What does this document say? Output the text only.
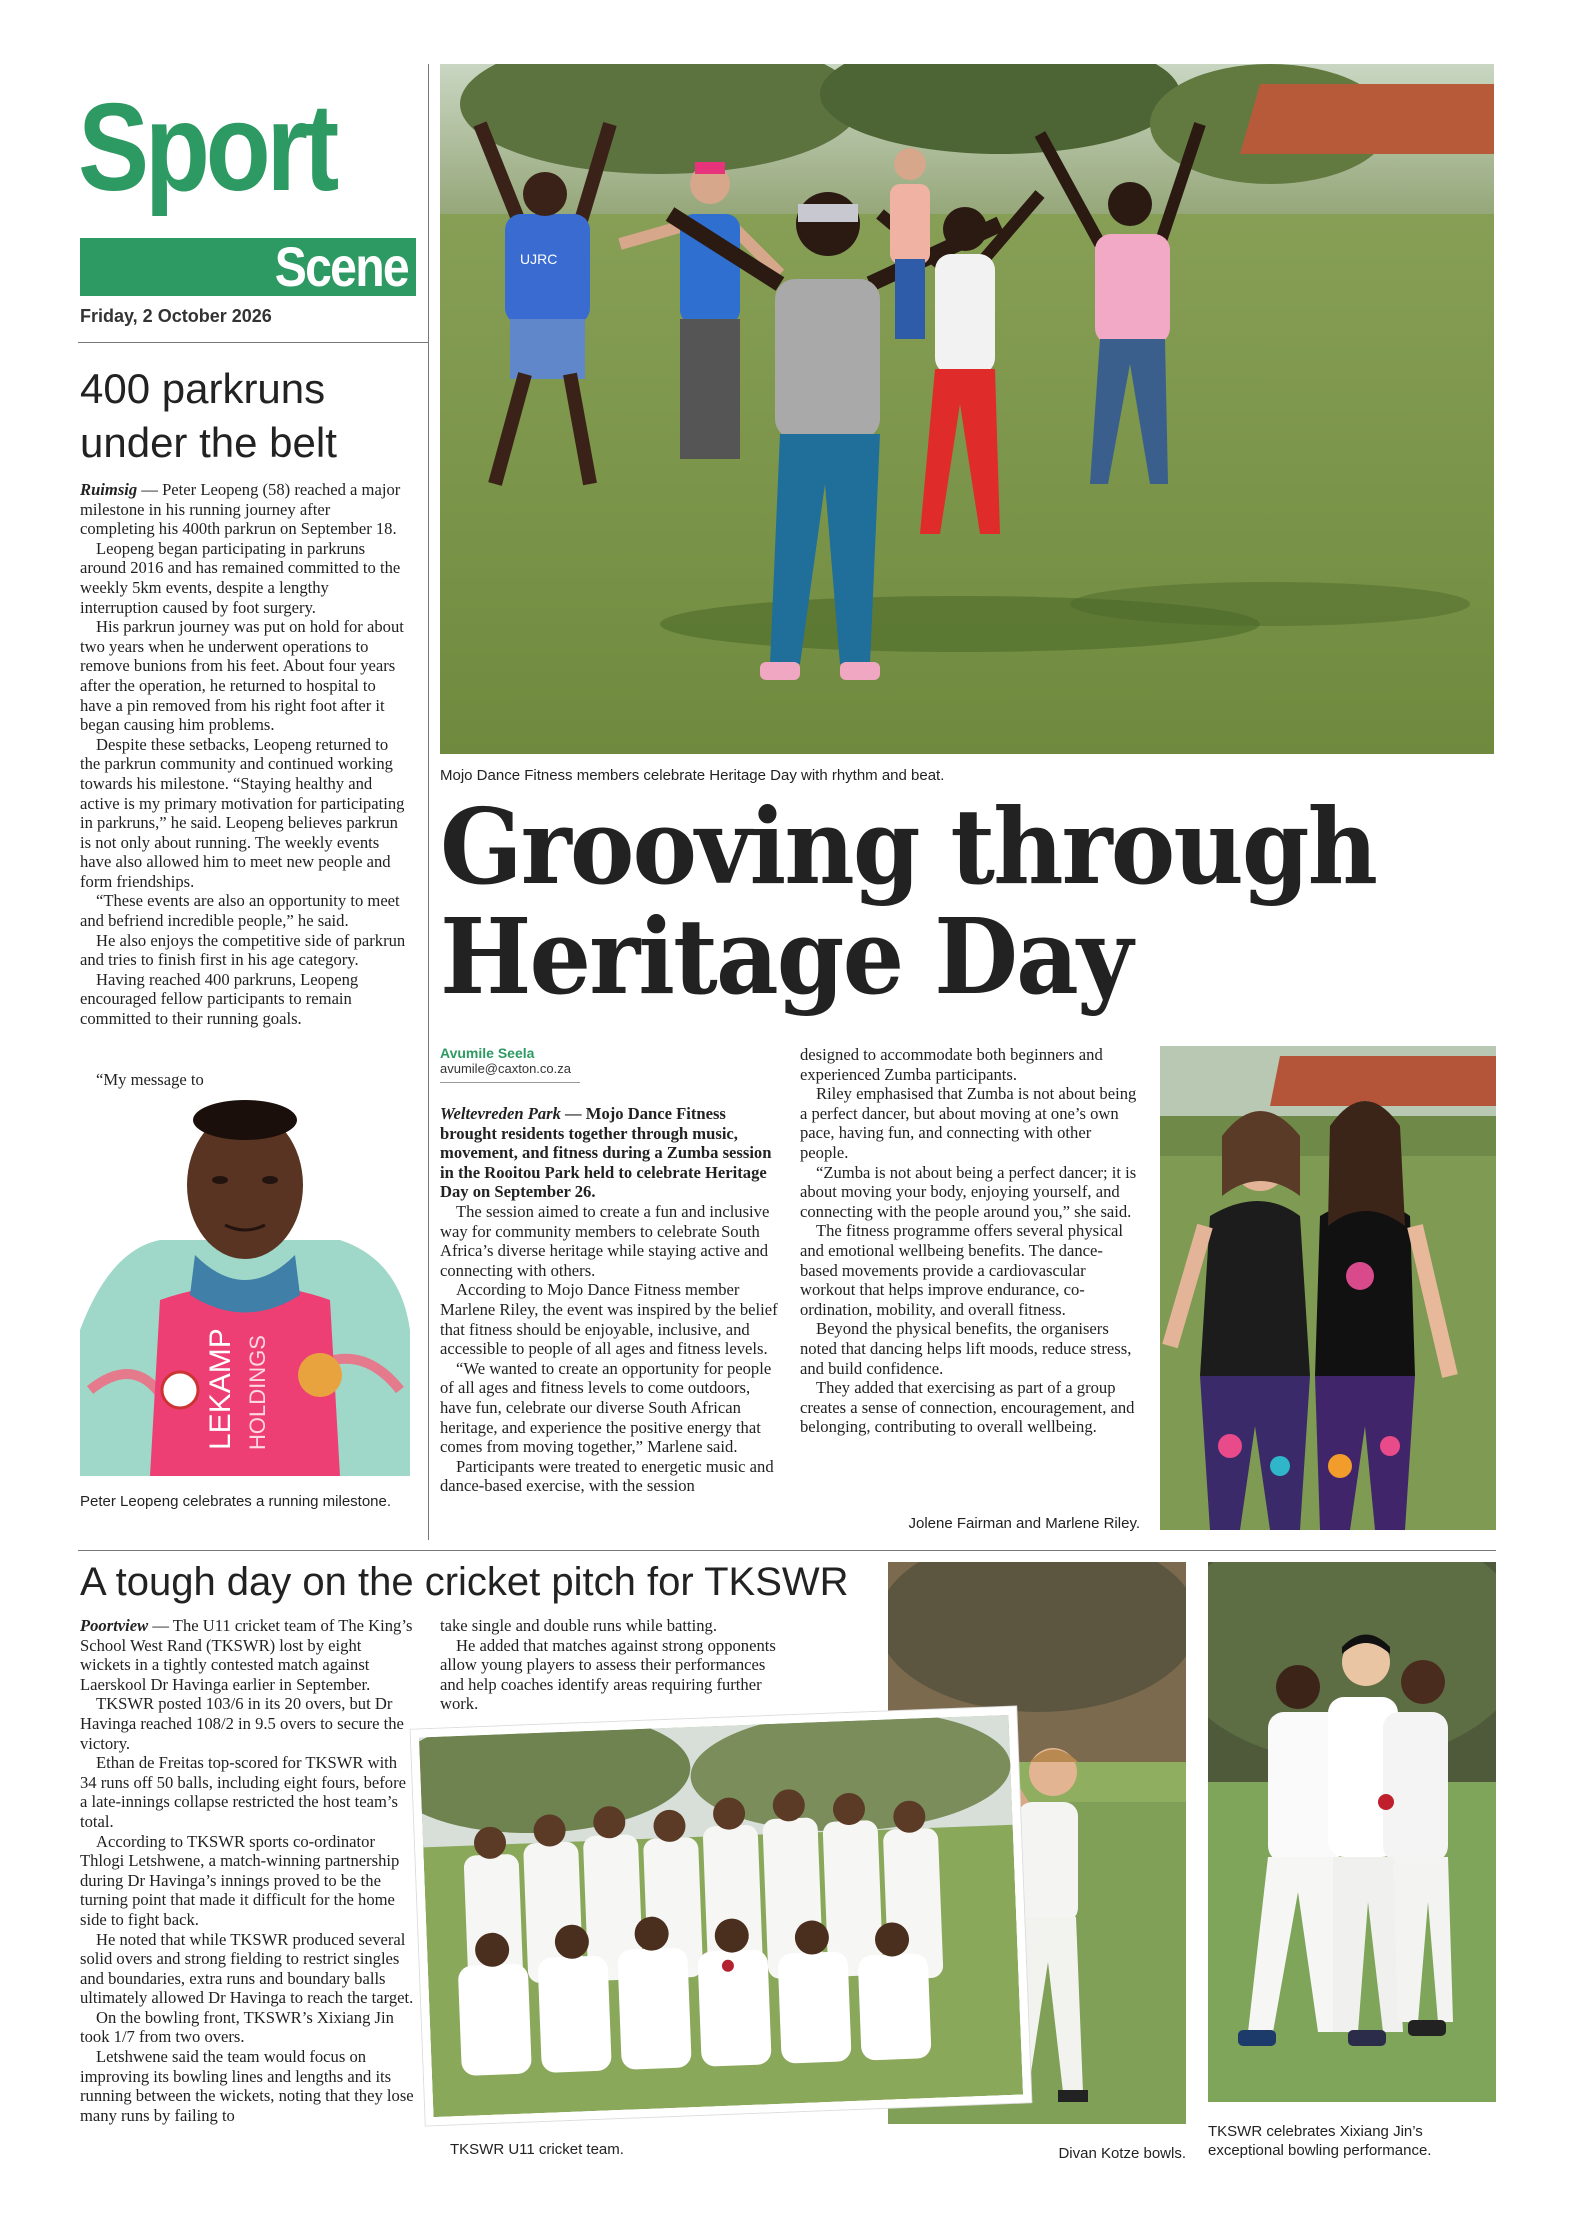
Sport
Scene
Friday, 2 October 2026
400 parkruns
under the belt

Ruimsig — Peter Leopeng (58) reached a major milestone in his running journey after completing his 400th parkrun on September 18.

Leopeng began participating in parkruns around 2016 and has remained committed to the weekly 5km events, despite a lengthy interruption caused by foot surgery.

His parkrun journey was put on hold for about two years when he underwent operations to remove bunions from his feet. About four years after the operation, he returned to hospital to have a pin removed from his right foot after it began causing him problems.

Despite these setbacks, Leopeng returned to the parkrun community and continued working towards his milestone. “Staying healthy and active is my primary motivation for participating in parkruns,” he said. Leopeng believes parkrun is not only about running. The weekly events have also allowed him to meet new people and form friendships.

“These events are also an opportunity to meet and befriend incredible people,” he said.

He also enjoys the competitive side of parkrun and tries to finish first in his age category.

Having reached 400 parkruns, Leopeng encouraged fellow participants to remain committed to their running goals.

“My message to

LEKAMP HOLDINGS
Peter Leopeng celebrates a running milestone.
UJRC
Mojo Dance Fitness members celebrate Heritage Day with rhythm and beat.
Grooving through
Heritage Day
Avumile Seela
avumile@caxton.co.za

Weltevreden Park — Mojo Dance Fitness brought residents together through music, movement, and fitness during a Zumba session in the Rooitou Park held to celebrate Heritage Day on September 26.

The session aimed to create a fun and inclusive way for community members to celebrate South Africa’s diverse heritage while staying active and connecting with others.

According to Mojo Dance Fitness member Marlene Riley, the event was inspired by the belief that fitness should be enjoyable, inclusive, and accessible to people of all ages and fitness levels.

“We wanted to create an opportunity for people of all ages and fitness levels to come outdoors, have fun, celebrate our diverse South African heritage, and experience the positive energy that comes from moving together,” Marlene said.

Participants were treated to energetic music and dance-based exercise, with the session

designed to accommodate both beginners and experienced Zumba participants.

Riley emphasised that Zumba is not about being a perfect dancer, but about moving at one’s own pace, having fun, and connecting with other people.

“Zumba is not about being a perfect dancer; it is about moving your body, enjoying yourself, and connecting with the people around you,” she said.

The fitness programme offers several physical and emotional wellbeing benefits. The dance-based movements provide a cardiovascular workout that helps improve endurance, co-ordination, mobility, and overall fitness.

Beyond the physical benefits, the organisers noted that dancing helps lift moods, reduce stress, and build confidence.

They added that exercising as part of a group creates a sense of connection, encouragement, and belonging, contributing to overall wellbeing.

Jolene Fairman and Marlene Riley.
A tough day on the cricket pitch for TKSWR

Poortview — The U11 cricket team of The King’s School West Rand (TKSWR) lost by eight wickets in a tightly contested match against Laerskool Dr Havinga earlier in September.

TKSWR posted 103/6 in its 20 overs, but Dr Havinga reached 108/2 in 9.5 overs to secure the victory.

Ethan de Freitas top-scored for TKSWR with 34 runs off 50 balls, including eight fours, before a late-innings collapse restricted the host team’s total.

According to TKSWR sports co-ordinator Thlogi Letshwene, a match-winning partnership during Dr Havinga’s innings proved to be the turning point that made it difficult for the home side to fight back.

He noted that while TKSWR produced several solid overs and strong fielding to restrict singles and boundaries, extra runs and boundary balls ultimately allowed Dr Havinga to reach the target.

On the bowling front, TKSWR’s Xixiang Jin took 1/7 from two overs.

Letshwene said the team would focus on improving its bowling lines and lengths and its running between the wickets, noting that they lose many runs by failing to

take single and double runs while batting.

He added that matches against strong opponents allow young players to assess their performances and help coaches identify areas requiring further work.

TKSWR U11 cricket team.	Divan Kotze bowls.
TKSWR celebrates Xixiang Jin’s exceptional bowling performance.
